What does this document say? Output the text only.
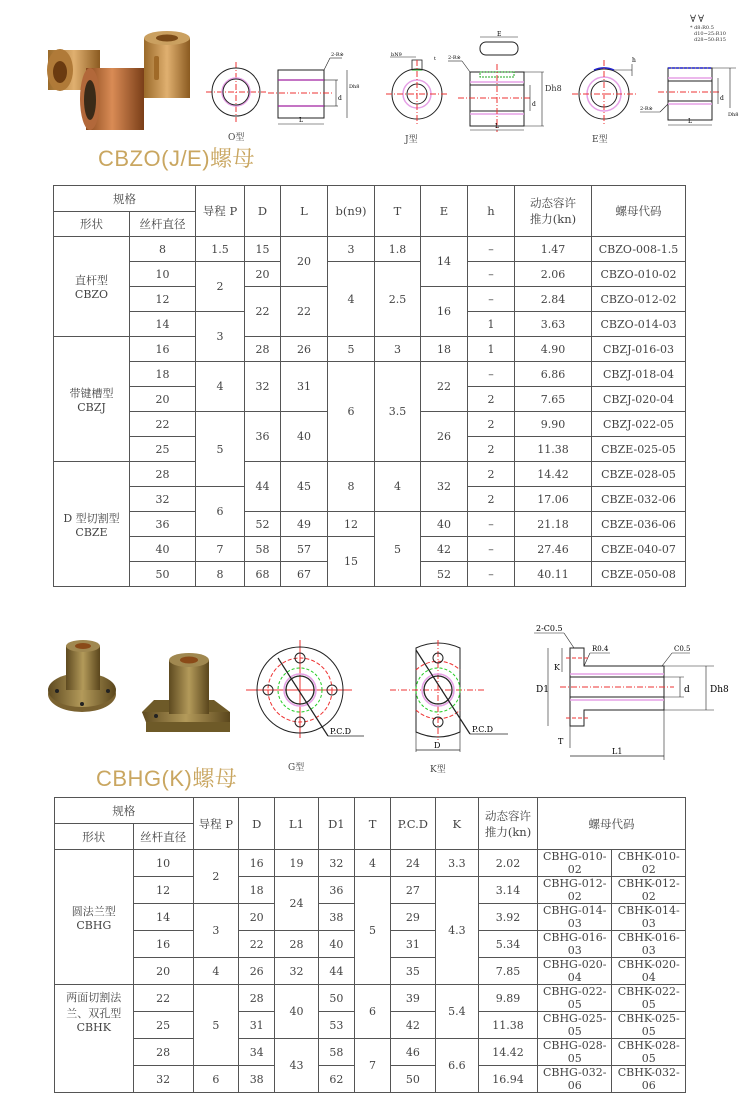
O型
2-R※
d
Dh8
L
bN9
t
J型
E
2-R※
d
L
Dh8
h
E型
∀∀
* d8:R0.5
d10~25:R10
d28~50:R15
d
Dh8
2-R※
L
CBZO(J/E)螺母
规格		导程 P	D	L	b(n9)	T	E	h	动态容许
推力(kn)	螺母代码
形状	丝杆直径									
直杆型
CBZO	8	1.5	15	20	3	1.8	14	–	1.47	CBZO-008-1.5
	10	2	20		4	2.5		–	2.06	CBZO-010-02
	12		22	22			16	–	2.84	CBZO-012-02
	14	3						1	3.63	CBZO-014-03
带键槽型
CBZJ	16		28	26	5	3	18	1	4.90	CBZJ-016-03
	18	4	32	31	6	3.5	22	–	6.86	CBZJ-018-04
	20							2	7.65	CBZJ-020-04
	22	5	36	40			26	2	9.90	CBZJ-022-05
	25							2	11.38	CBZE-025-05
D 型切割型
CBZE	28		44	45	8	4	32	2	14.42	CBZE-028-05
	32	6						2	17.06	CBZE-032-06
	36		52	49	12	5	40	–	21.18	CBZE-036-06
	40	7	58	57	15		42	–	27.46	CBZE-040-07
	50	8	68	67			52	–	40.11	CBZE-050-08
P.C.D
G型
P.C.D
D
K型
2-C0.5
R0.4	C0.5
D1
K
d Dh8
T
L1
CBHG(K)螺母
规格		导程 P	D	L1	D1	T	P.C.D	K	动态容许
推力(kn)	螺母代码	
形状	丝杆直径										
圆法兰型
CBHG	10	2	16	19	32	4	24	3.3	2.02	CBHG-010-02	CBHK-010-02
	12		18	24	36	5	27	4.3	3.14	CBHG-012-02	CBHK-012-02
	14	3	20		38		29		3.92	CBHG-014-03	CBHK-014-03
	16		22	28	40		31		5.34	CBHG-016-03	CBHK-016-03
	20	4	26	32	44		35		7.85	CBHG-020-04	CBHK-020-04
两面切割法
兰、双孔型
CBHK	22	5	28	40	50	6	39	5.4	9.89	CBHG-022-05	CBHK-022-05
	25		31		53		42		11.38	CBHG-025-05	CBHK-025-05
	28		34	43	58	7	46	6.6	14.42	CBHG-028-05	CBHK-028-05
	32	6	38		62		50		16.94	CBHG-032-06	CBHK-032-06
